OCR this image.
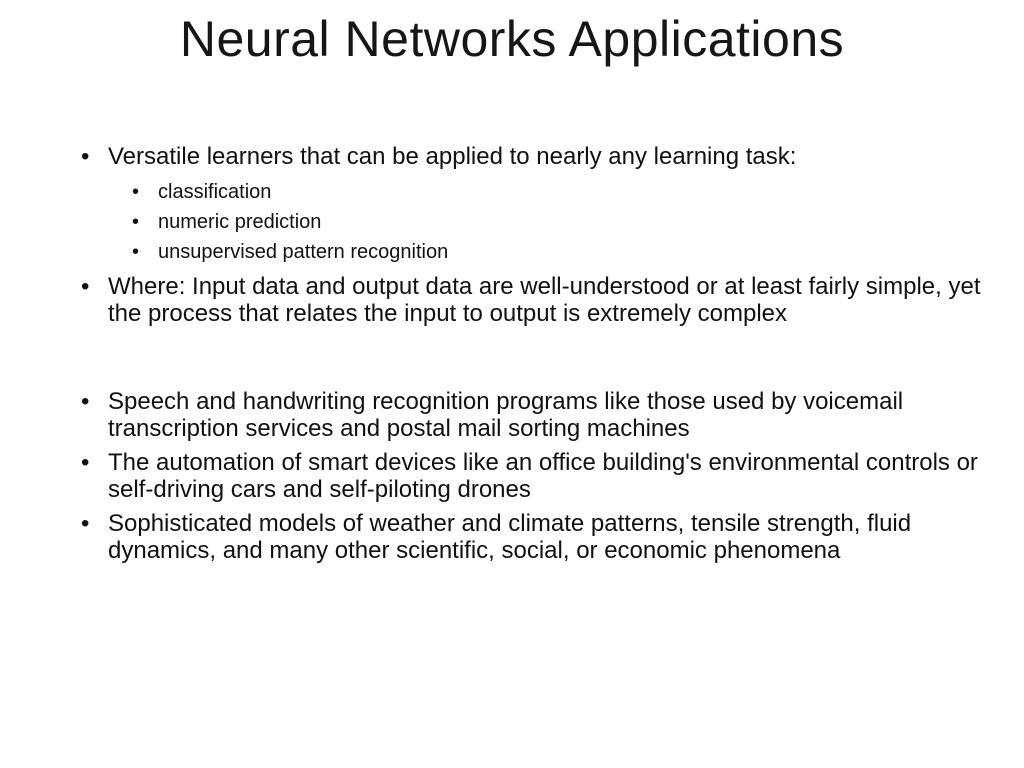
Neural Networks Applications
• Versatile learners that can be applied to nearly any learning task:
• classification
• numeric prediction
• unsupervised pattern recognition
• Where: Input data and output data are well-understood or at least fairly simple, yet the process that relates the input to output is extremely complex
• Speech and handwriting recognition programs like those used by voicemail transcription services and postal mail sorting machines
• The automation of smart devices like an office building's environmental controls or self-driving cars and self-piloting drones
• Sophisticated models of weather and climate patterns, tensile strength, fluid dynamics, and many other scientific, social, or economic phenomena
